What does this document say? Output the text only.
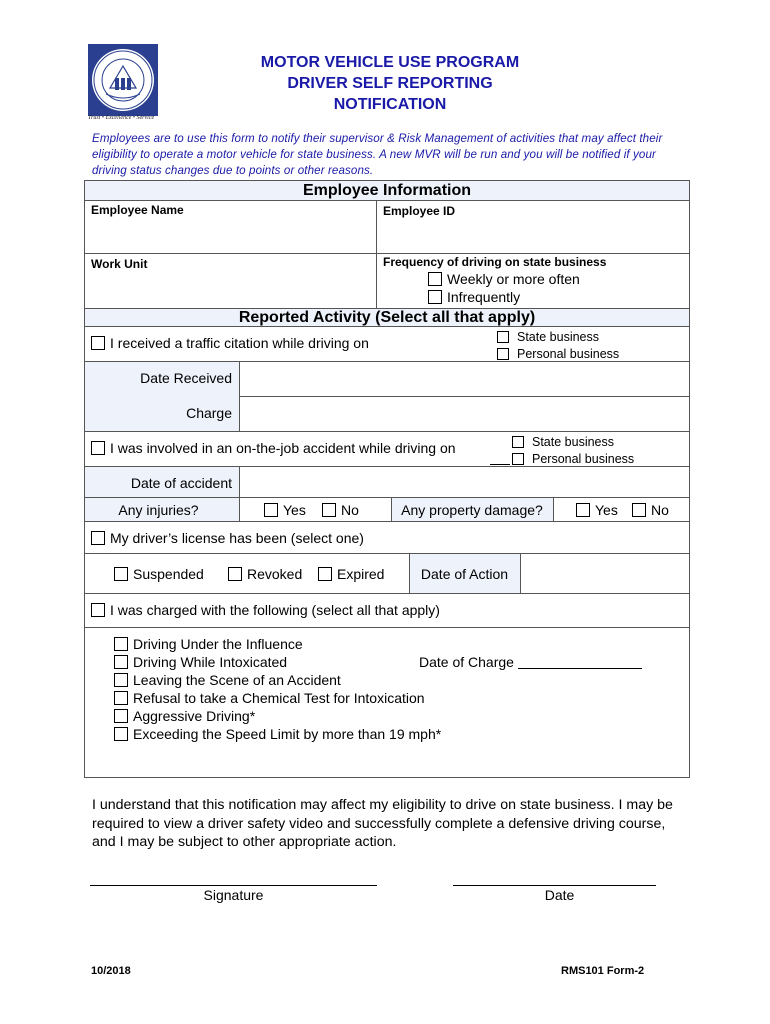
Trust • Excellence • Service
MOTOR VEHICLE USE PROGRAM
DRIVER SELF REPORTING
NOTIFICATION
Employees are to use this form to notify their supervisor & Risk Management of activities that may affect their eligibility to operate a motor vehicle for state business. A new MVR will be run and you will be notified if your driving status changes due to points or other reasons.
Employee Information
Employee Name	Employee ID
Work Unit	Frequency of driving on state business
Weekly or more often
Infrequently
Reported Activity (Select all that apply)
I received a traffic citation while driving on	State business
Personal business
Date Received
Charge
I was involved in an on-the-job accident while driving on	State business
Personal business
Date of accident
Any injuries?	Yes	No	Any property damage?	Yes No
My driver’s license has been (select one)
Suspended	Revoked Expired	Date of Action
I was charged with the following (select all that apply)
Driving Under the Influence
Driving While Intoxicated
Leaving the Scene of an Accident
Refusal to take a Chemical Test for Intoxication
Aggressive Driving*
Exceeding the Speed Limit by more than 19 mph*
Date of Charge
I understand that this notification may affect my eligibility to drive on state business. I may be required to view a driver safety video and successfully complete a defensive driving course, and I may be subject to other appropriate action.
Signature	Date
10/2018	RMS101 Form-2
